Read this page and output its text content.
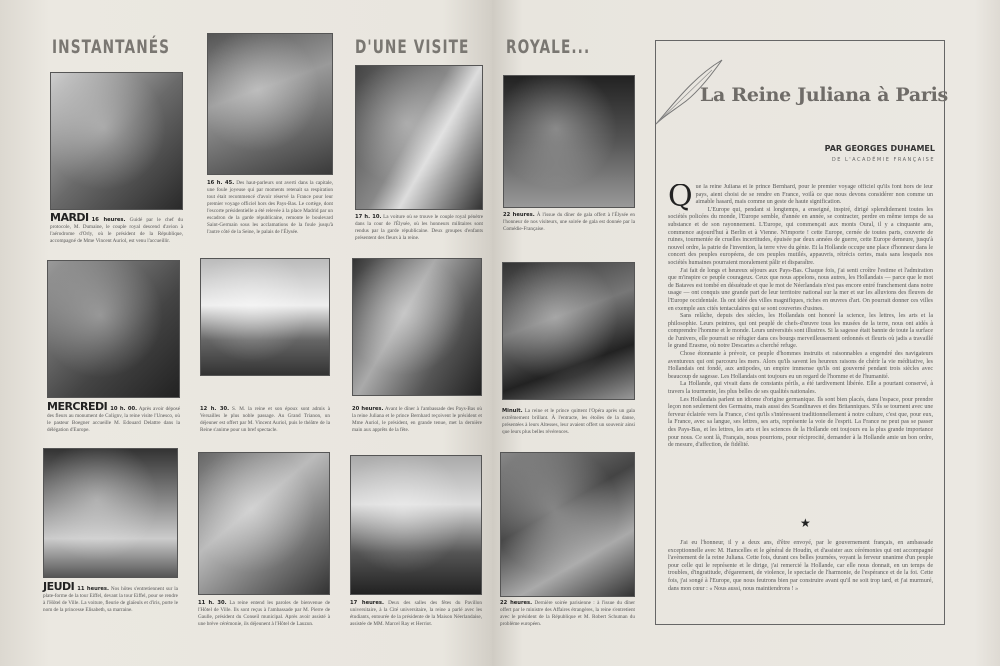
INSTANTANÉS	D'UNE VISITE ROYALE...
MARDI 16 heures. Guidé par le chef du protocole, M. Dumaine, le couple royal descend d'avion à l'aérodrome d'Orly, où le président de la République, accompagné de Mme Vincent Auriol, est venu l'accueillir.
16 h. 45. Des haut-parleurs ont averti dans la capitale, une foule joyeuse qui par moments retenait sa respiration tout était recommencé d'avoir réservé la France pour leur premier voyage officiel hors des Pays-Bas. Le cortège, dont l'escorte présidentielle a été relevée à la place Madrid par un escadron de la garde républicaine, remonte le boulevard Saint-Germain sous les acclamations de la foule jusqu'à l'autre côté de la Seine, le palais de l'Élysée.
17 h. 10. La voiture où se trouve le couple royal pénètre dans la cour de l'Élysée, où les honneurs militaires sont rendus par la garde républicaine. Deux groupes d'enfants présentent des fleurs à la reine.
22 heures. À l'issue du dîner de gala offert à l'Élysée en l'honneur de nos visiteurs, une soirée de gala est donnée par la Comédie-Française.
MERCREDI 10 h. 00. Après avoir déposé des fleurs au monument de Colignv, la reine visite l'Unesco, où le pasteur Boegner accueille M. Edouard Delattre dans la délégation d'Europe.
12 h. 30. S. M. la reine et son époux sont admis à Versailles le plus noble passage. Au Grand Trianon, un déjeuner est offert par M. Vincent Auriol, puis le théâtre de la Reine s'anime pour un bref spectacle.
20 heures. Avant le dîner à l'ambassade des Pays-Bas où la reine Juliana et le prince Bernhard reçoivent le président et Mme Auriol, le président, en grande tenue, met la dernière main aux apprêts de la fête.
Minuit. La reine et le prince quittent l'Opéra après un gala extrêmement brillant. À l'entracte, les étoiles de la danse, présentées à leurs Altesses, leur avaient offert un souvenir ainsi que leurs plus belles révérences.
JEUDI 11 heures. Nos hôtes s'entretiennent sur la plate-forme de la tour Eiffel, devant la tour Eiffel, pour se rendre à l'Hôtel de Ville. La voiture, fleurie de glaïeuls et d'iris, porte le nom de la princesse Elisabeth, sa marraine.
11 h. 30. La reine entend les paroles de bienvenue de l'Hôtel de Ville. Ils sont reçus à l'ambassade par M. Pierre de Gaulle, président du Conseil municipal. Après avoir assisté à une brève cérémonie, ils déjeunent à l'Hôtel de Lauzun.
17 heures. Deux des salles des fêtes du Pavillon universitaire, à la Cité universitaire, la reine a parlé avec les étudiants, entourée de la présidente de la Maison Néerlandaise, assistée de MM. Marcel Ray et Herriot.
22 heures. Dernière soirée parisienne : à l'issue du dîner offert par le ministre des Affaires étrangères, la reine s'entretient avec le président de la République et M. Robert Schuman du problème européen.
La Reine Juliana à Paris
PAR GEORGES DUHAMEL
DE L'ACADÉMIE FRANÇAISE
Q ue la reine Juliana et le prince Bernhard, pour le premier voyage officiel qu'ils font hors de leur pays, aient choisi de se rendre en France, voilà ce que nous devons considérer non comme un aimable hasard, mais comme un geste de haute signification.

L'Europe qui, pendant si longtemps, a enseigné, inspiré, dirigé splendidement toutes les sociétés policées du monde, l'Europe semble, d'année en année, se contracter, perdre en même temps de sa substance et de son rayonnement. L'Europe, qui commençait aux monts Oural, il y a cinquante ans, commence aujourd'hui à Berlin et à Vienne. N'importe ! cette Europe, cernée de toutes parts, couverte de ruines, tourmentée de cruelles incertitudes, épuisée par deux années de guerre, cette Europe demeure, jusqu'à nouvel ordre, la patrie de l'invention, la terre vive du génie. Et la Hollande occupe une place d'honneur dans le concert des peuples européens, de ces peuples mutilés, appauvris, rétrécis certes, mais sans lesquels nos sociétés humaines pourraient moralement pâlir et disparaître.

J'ai fait de longs et heureux séjours aux Pays-Bas. Chaque fois, j'ai senti croître l'estime et l'admiration que m'inspire ce peuple courageux. Ceux que nous appelons, nous autres, les Hollandais — parce que le mot de Bataves est tombé en désuétude et que le mot de Néerlandais n'est pas encore entré franchement dans notre usage — ont conquis une grande part de leur territoire national sur la mer et sur les alluvions des fleuves de l'Europe occidentale. Ils ont idéé des villes magnifiques, riches en œuvres d'art. On pourrait donner ces villes en exemple aux cités tentaculaires qui se sont couvertes d'usines.

Sans relâche, depuis des siècles, les Hollandais ont honoré la science, les lettres, les arts et la philosophie. Leurs peintres, qui ont peuplé de chefs-d'œuvre tous les musées de la terre, nous ont aidés à comprendre l'homme et le monde. Leurs universités sont illustres. Si la sagesse était bannie de toute la surface de l'univers, elle pourrait se réfugier dans ces bourgs merveilleusement ordonnés et fleuris où jadis a travaillé le grand Erasme, où notre Descartes a cherché refuge.

Chose étonnante à prévoir, ce peuple d'hommes instruits et raisonnables a engendré des navigateurs aventureux qui ont parcouru les mers. Alors qu'ils savent les heureux raisons de chérir la vie méditative, les Hollandais ont fondé, aux antipodes, un empire immense qu'ils ont gouverné pendant trois siècles avec beaucoup de sagesse. Les Hollandais ont toujours eu un regard de l'homme et de l'humanité.

La Hollande, qui vivait dans de constants périls, a été tardivement libérée. Elle a pourtant conservé, à travers la tourmente, les plus belles de ses qualités nationales.

Les Hollandais parlent un idiome d'origine germanique. Ils sont bien placés, dans l'espace, pour prendre leçon non seulement des Germains, mais aussi des Scandinaves et des Britanniques. S'ils se tournent avec une ferveur éclairée vers la France, c'est qu'ils s'intéressent traditionnellement à notre culture, c'est que, pour eux, la France, avec sa langue, ses lettres, ses arts, représente la voie de l'esprit. La France ne peut pas se passer des Pays-Bas, et les lettres, les arts et les sciences de la Hollande ont toujours eu la plus grande importance pour nous. Ce sont là, Français, nous pourrions, pour réciprocité, demander à la Hollande amie un bon ordre, de mesure, d'affection, de fidélité.

★

J'ai eu l'honneur, il y a deux ans, d'être envoyé, par le gouvernement français, en ambassade exceptionnelle avec M. Hamcelles et le général de Houdin, et d'assister aux cérémonies qui ont accompagné l'avènement de la reine Juliana. Cette fois, durant ces belles journées, voyant la ferveur unanime d'un peuple pour celle qui le représente et le dirige, j'ai remercié la Hollande, car elle nous donnait, en un temps de troubles, d'ingratitude, d'égarement, de violence, le spectacle de l'harmonie, de l'espérance et de la foi. Cette fois, j'ai songé à l'Europe, que nous feutrons bien par construire avant qu'il ne soit trop tard, et j'ai murmuré, dans mon cœur : « Nous aussi, nous maintiendrons ! »
